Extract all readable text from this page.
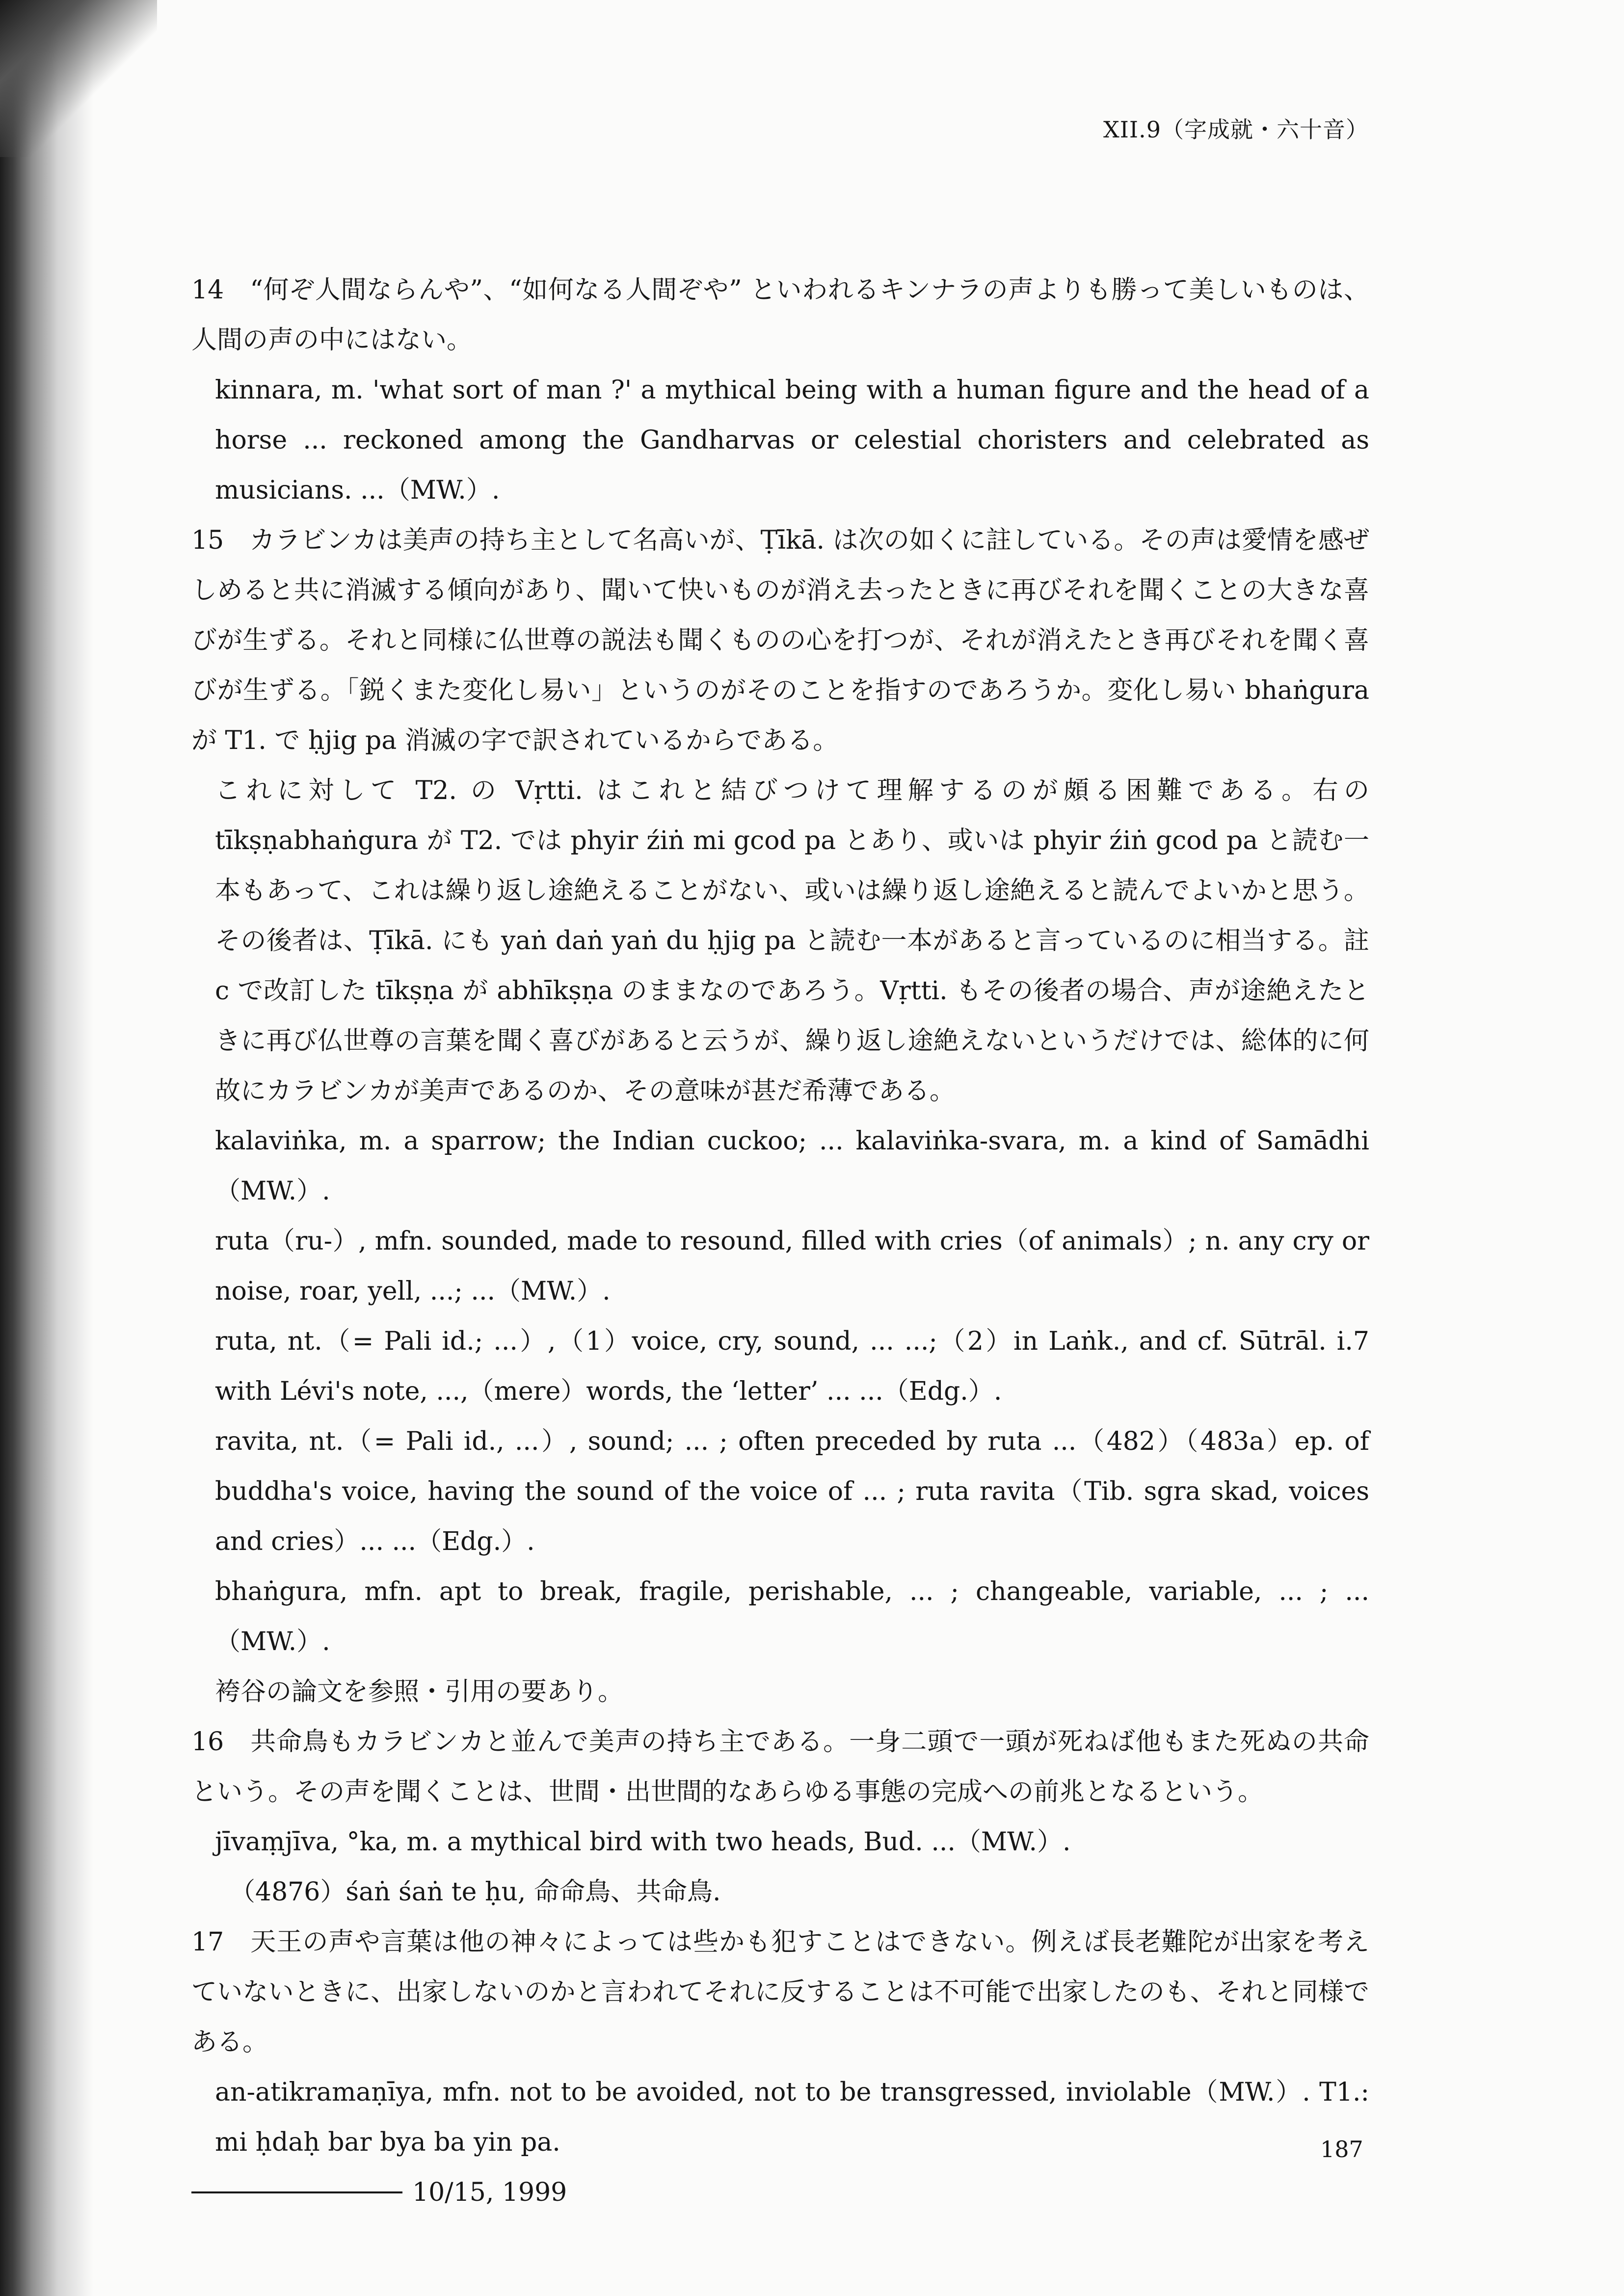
XII.9（字成就・六十音）

14　“何ぞ人間ならんや”、“如何なる人間ぞや” といわれるキンナラの声よりも勝って美しいものは、人間の声の中にはない。

kinnara, m. 'what sort of man ?' a mythical being with a human figure and the head of a horse ... reckoned among the Gandharvas or celestial choristers and celebrated as musicians. ...（MW.）.

15　カラビンカは美声の持ち主として名高いが、Ṭīkā. は次の如くに註している。その声は愛情を感ぜしめると共に消滅する傾向があり、聞いて快いものが消え去ったときに再びそれを聞くことの大きな喜びが生ずる。それと同様に仏世尊の説法も聞くものの心を打つが、それが消えたとき再びそれを聞く喜びが生ずる。「鋭くまた変化し易い」というのがそのことを指すのであろうか。変化し易い bhaṅgura が T1. で ḥjig pa 消滅の字で訳されているからである。

これに対して T2. の Vṛtti. はこれと結びつけて理解するのが頗る困難である。右の tīkṣṇabhaṅgura が T2. では phyir źiṅ mi gcod pa とあり、或いは phyir źiṅ gcod pa と読む一本もあって、これは繰り返し途絶えることがない、或いは繰り返し途絶えると読んでよいかと思う。その後者は、Ṭīkā. にも yaṅ daṅ yaṅ du ḥjig pa と読む一本があると言っているのに相当する。註 c で改訂した tīkṣṇa が abhīkṣṇa のままなのであろう。Vṛtti. もその後者の場合、声が途絶えたときに再び仏世尊の言葉を聞く喜びがあると云うが、繰り返し途絶えないというだけでは、総体的に何故にカラビンカが美声であるのか、その意味が甚だ希薄である。

kalaviṅka, m. a sparrow; the Indian cuckoo; ... kalaviṅka-svara, m. a kind of Samādhi（MW.）.

ruta（ru-）, mfn. sounded, made to resound, filled with cries（of animals）; n. any cry or noise, roar, yell, ...; ...（MW.）.

ruta, nt.（= Pali id.; ...）,（1）voice, cry, sound, ... ...;（2）in Laṅk., and cf. Sūtrāl. i.7 with Lévi's note, ...,（mere）words, the ‘letter’ ... ...（Edg.）.

ravita, nt.（= Pali id., ...）, sound; ... ; often preceded by ruta ...（482）（483a）ep. of buddha's voice, having the sound of the voice of ... ; ruta ravita（Tib. sgra skad, voices and cries）... ...（Edg.）.

bhaṅgura, mfn. apt to break, fragile, perishable, ... ; changeable, variable, ... ; ...（MW.）.

袴谷の論文を参照・引用の要あり。

16　共命鳥もカラビンカと並んで美声の持ち主である。一身二頭で一頭が死ねば他もまた死ぬの共命という。その声を聞くことは、世間・出世間的なあらゆる事態の完成への前兆となるという。

jīvaṃjīva, °ka, m. a mythical bird with two heads, Bud. ...（MW.）.

（4876）śaṅ śaṅ te ḥu, 命命鳥、共命鳥.

17　天王の声や言葉は他の神々によっては些かも犯すことはできない。例えば長老難陀が出家を考えていないときに、出家しないのかと言われてそれに反することは不可能で出家したのも、それと同様である。

an-atikramaṇīya, mfn. not to be avoided, not to be transgressed, inviolable（MW.）. T1.: mi ḥdaḥ bar bya ba yin pa.

10/15, 1999
187
